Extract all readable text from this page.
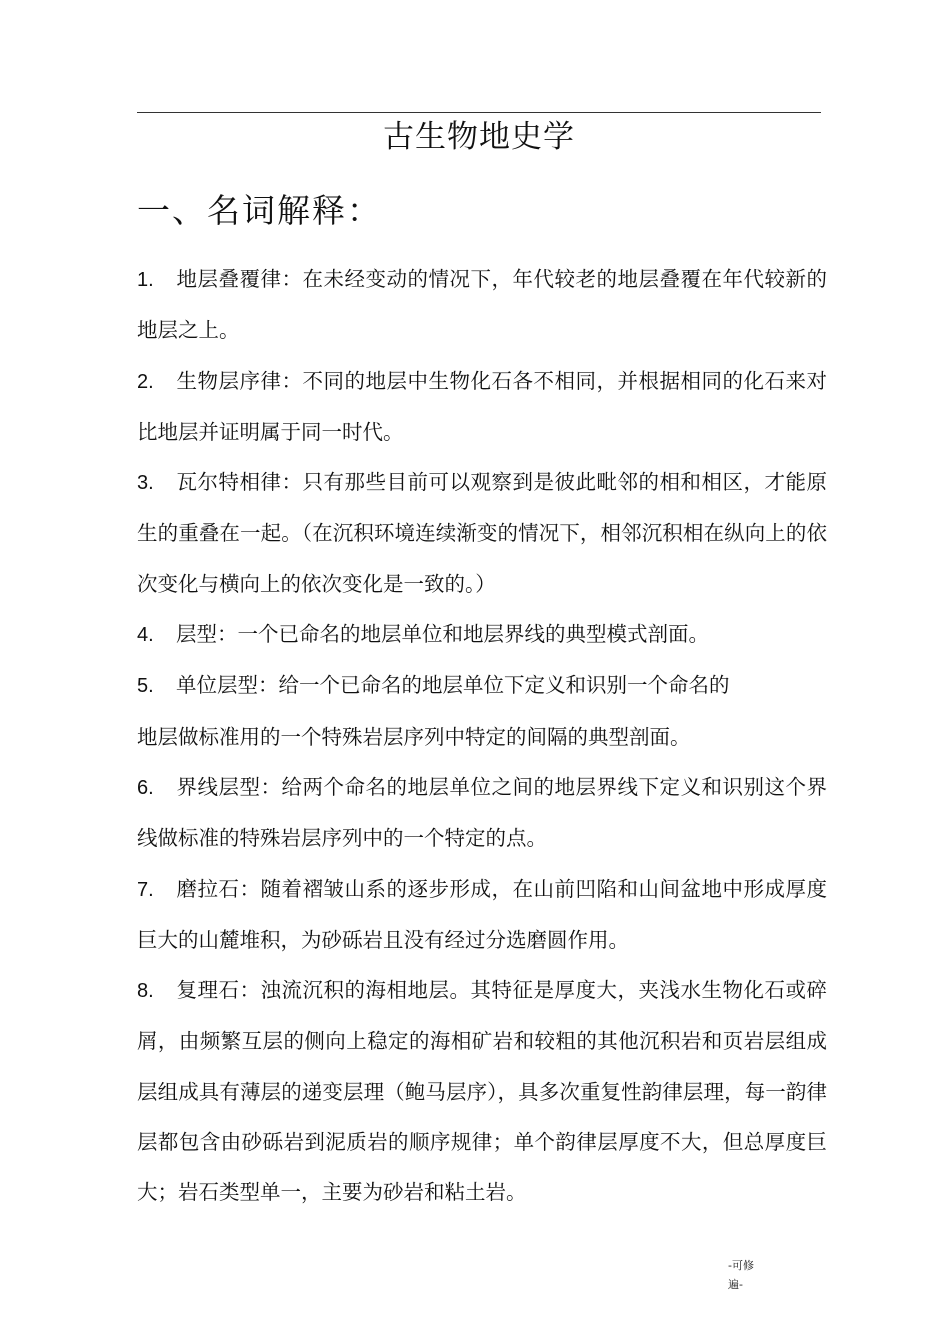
古生物地史学
一、名词解释：

1. 地层叠覆律：在未经变动的情况下，年代较老的地层叠覆在年代较新的地层之上。

2. 生物层序律：不同的地层中生物化石各不相同，并根据相同的化石来对比地层并证明属于同一时代。

3. 瓦尔特相律：只有那些目前可以观察到是彼此毗邻的相和相区，才能原生的重叠在一起。（在沉积环境连续渐变的情况下，相邻沉积相在纵向上的依次变化与横向上的依次变化是一致的。）

4. 层型：一个已命名的地层单位和地层界线的典型模式剖面。

5. 单位层型：给一个已命名的地层单位下定义和识别一个命名的
地层做标准用的一个特殊岩层序列中特定的间隔的典型剖面。

6. 界线层型：给两个命名的地层单位之间的地层界线下定义和识别这个界线做标准的特殊岩层序列中的一个特定的点。

7. 磨拉石：随着褶皱山系的逐步形成，在山前凹陷和山间盆地中形成厚度巨大的山麓堆积，为砂砾岩且没有经过分选磨圆作用。

8. 复理石：浊流沉积的海相地层。其特征是厚度大，夹浅水生物化石或碎屑，由频繁互层的侧向上稳定的海相矿岩和较粗的其他沉积岩和页岩层组成层组成具有薄层的递变层理（鲍马层序），具多次重复性韵律层理，每一韵律层都包含由砂砾岩到泥质岩的顺序规律；单个韵律层厚度不大，但总厚度巨大；岩石类型单一，主要为砂岩和粘土岩。

-可修
遍-
